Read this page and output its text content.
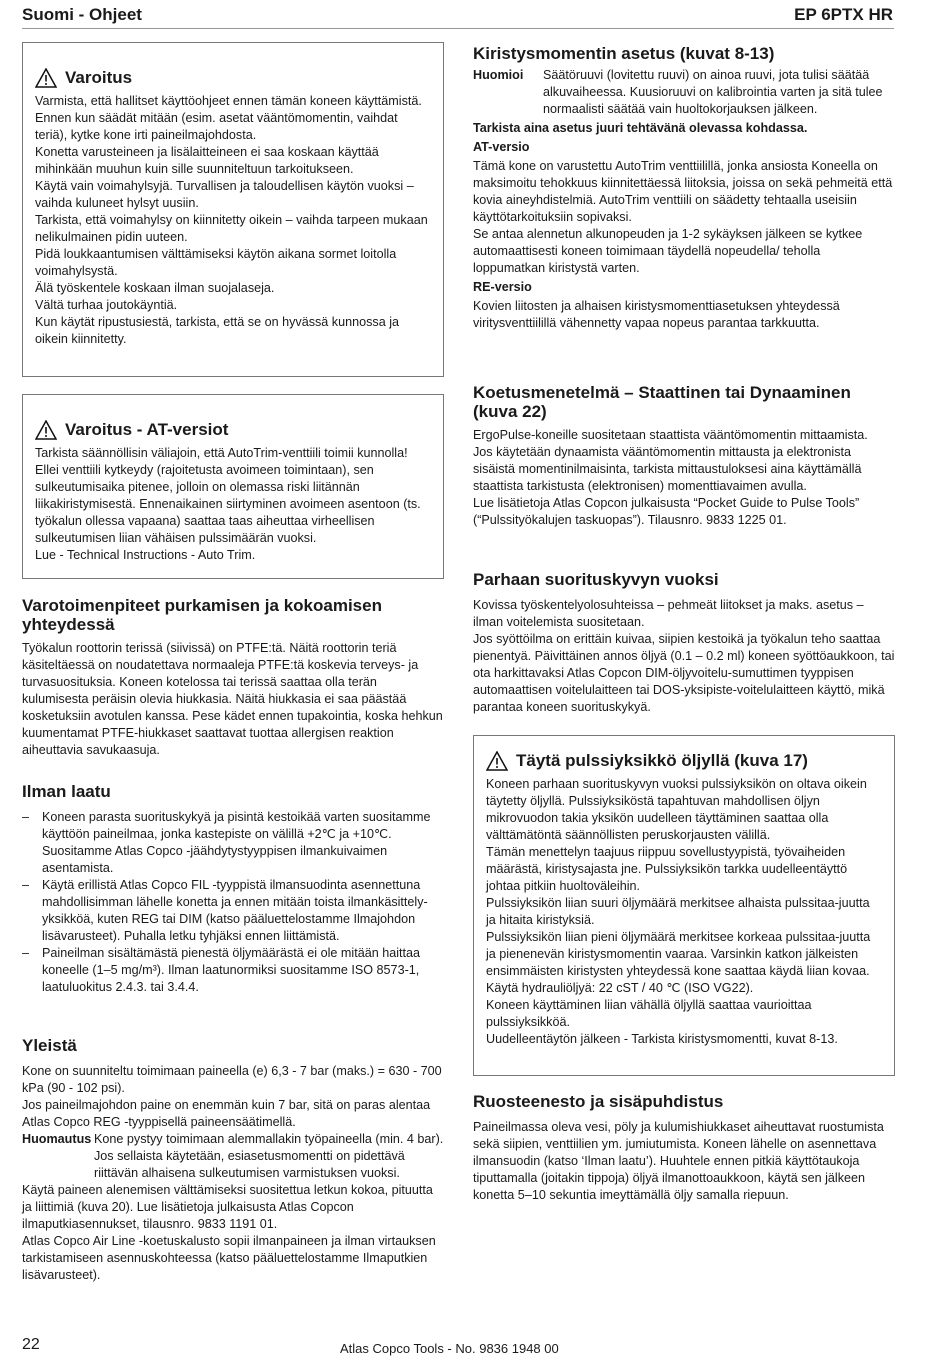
Suomi - Ohjeet	EP 6PTX HR
Varoitus

Varmista, että hallitset käyttöohjeet ennen tämän koneen käyttämistä.

Ennen kun säädät mitään (esim. asetat vääntömomentin, vaihdat teriä), kytke kone irti paineilmajohdosta.

Konetta varusteineen ja lisälaitteineen ei saa koskaan käyttää mihinkään muuhun kuin sille suunniteltuun tarkoitukseen.

Käytä vain voimahylsyjä. Turvallisen ja taloudellisen käytön vuoksi – vaihda kuluneet hylsyt uusiin.

Tarkista, että voimahylsy on kiinnitetty oikein – vaihda tarpeen mukaan nelikulmainen pidin uuteen.

Pidä loukkaantumisen välttämiseksi käytön aikana sormet loitolla voimahylsystä.

Älä työskentele koskaan ilman suojalaseja.

Vältä turhaa joutokäyntiä.

Kun käytät ripustusiestä, tarkista, että se on hyvässä kunnossa ja oikein kiinnitetty.

Varoitus - AT-versiot

Tarkista säännöllisin väliajoin, että AutoTrim-venttiili toimii kunnolla! Ellei venttiili kytkeydy (rajoitetusta avoimeen toimintaan), sen sulkeutumisaika pitenee, jolloin on olemassa riski liitännän liikakiristymisestä. Ennenaikainen siirtyminen avoimeen asentoon (ts. työkalun ollessa vapaana) saattaa taas aiheuttaa virheellisen sulkeutumisen liian vähäisen pulssimäärän vuoksi.

Lue - Technical Instructions - Auto Trim.

Varotoimenpiteet purkamisen ja kokoamisen yhteydessä

Työkalun roottorin terissä (siivissä) on PTFE:tä. Näitä roottorin teriä käsiteltäessä on noudatettava normaaleja PTFE:tä koskevia terveys- ja turvasuosituksia. Koneen kotelossa tai terissä saattaa olla terän kulumisesta peräisin olevia hiukkasia. Näitä hiukkasia ei saa päästää kosketuksiin avotulen kanssa. Pese kädet ennen tupakointia, koska hehkun kuumentamat PTFE-hiukkaset saattavat tuottaa allergisen reaktion aiheuttavia savukaasuja.

Ilman laatu
– Koneen parasta suorituskykyä ja pisintä kestoikää varten suositamme käyttöön paineilmaa, jonka kastepiste on välillä +2℃ ja +10℃. Suositamme Atlas Copco -jäähdytystyyppisen ilmankuivaimen asentamista.
– Käytä erillistä Atlas Copco FIL -tyyppistä ilmansuodinta asennettuna mahdollisimman lähelle konetta ja ennen mitään toista ilmankäsittely-yksikköä, kuten REG tai DIM (katso pääluettelostamme Ilmajohdon lisävarusteet). Puhalla letku tyhjäksi ennen liittämistä.
– Paineilman sisältämästä pienestä öljymäärästä ei ole mitään haittaa koneelle (1–5 mg/m³). Ilman laatunormiksi suositamme ISO 8573-1, laatuluokitus 2.4.3. tai 3.4.4.
Yleistä

Kone on suunniteltu toimimaan paineella (e) 6,3 - 7 bar (maks.) = 630 - 700 kPa (90 - 102 psi).

Jos paineilmajohdon paine on enemmän kuin 7 bar, sitä on paras alentaa Atlas Copco REG -tyyppisellä paineensäätimellä.

Huomautus Kone pystyy toimimaan alemmallakin työpaineella (min. 4 bar). Jos sellaista käytetään, esiasetusmomentti on pidettävä riittävän alhaisena sulkeutumisen varmistuksen vuoksi.

Käytä paineen alenemisen välttämiseksi suositettua letkun kokoa, pituutta ja liittimiä (kuva 20). Lue lisätietoja julkaisusta Atlas Copcon ilmaputkiasennukset, tilausnro. 9833 1191 01.

Atlas Copco Air Line -koetuskalusto sopii ilmanpaineen ja ilman virtauksen tarkistamiseen asennuskohteessa (katso pääluettelostamme Ilmaputkien lisävarusteet).

Kiristysmomentin asetus (kuvat 8-13)
Huomioi	Säätöruuvi (lovitettu ruuvi) on ainoa ruuvi, jota tulisi säätää alkuvaiheessa. Kuusioruuvi on kalibrointia varten ja sitä tulee normaalisti säätää vain huoltokorjauksen jälkeen.
Tarkista aina asetus juuri tehtävänä olevassa kohdassa.
AT-versio

Tämä kone on varustettu AutoTrim venttiilillä, jonka ansiosta Koneella on maksimoitu tehokkuus kiinnitettäessä liitoksia, joissa on sekä pehmeitä että kovia aineyhdistelmiä. AutoTrim venttiili on säädetty tehtaalla useisiin käyttötarkoituksiin sopivaksi.

Se antaa alennetun alkunopeuden ja 1-2 sykäyksen jälkeen se kytkee automaattisesti koneen toimimaan täydellä nopeudella/ teholla loppumatkan kiristystä varten.

RE-versio

Kovien liitosten ja alhaisen kiristysmomenttiasetuksen yhteydessä viritysventtiilillä vähennetty vapaa nopeus parantaa tarkkuutta.

Koetusmenetelmä – Staattinen tai Dynaaminen (kuva 22)

ErgoPulse-koneille suositetaan staattista vääntömomentin mittaamista.

Jos käytetään dynaamista vääntömomentin mittausta ja elektronista sisäistä momentinilmaisinta, tarkista mittaustuloksesi aina käyttämällä staattista tarkistusta (elektronisen) momenttiavaimen avulla.

Lue lisätietoja Atlas Copcon julkaisusta “Pocket Guide to Pulse Tools” (“Pulssityökalujen taskuopas”). Tilausnro. 9833 1225 01.

Parhaan suorituskyvyn vuoksi

Kovissa työskentelyolosuhteissa – pehmeät liitokset ja maks. asetus – ilman voitelemista suositetaan.

Jos syöttöilma on erittäin kuivaa, siipien kestoikä ja työkalun teho saattaa pienentyä. Päivittäinen annos öljyä (0.1 – 0.2 ml) koneen syöttöaukkoon, tai ota harkittavaksi Atlas Copcon DIM-öljyvoitelu-sumuttimen tyyppisen automaattisen voitelulaitteen tai DOS-yksipiste-voitelulaitteen käyttö, mikä parantaa koneen suorituskykyä.

Täytä pulssiyksikkö öljyllä (kuva 17)

Koneen parhaan suorituskyvyn vuoksi pulssiyksikön on oltava oikein täytetty öljyllä. Pulssiyksiköstä tapahtuvan mahdollisen öljyn mikrovuodon takia yksikön uudelleen täyttäminen saattaa olla välttämätöntä säännöllisten peruskorjausten välillä.

Tämän menettelyn taajuus riippuu sovellustyypistä, työvaiheiden määrästä, kiristysajasta jne. Pulssiyksikön tarkka uudelleentäyttö johtaa pitkiin huoltoväleihin.

Pulssiyksikön liian suuri öljymäärä merkitsee alhaista pulssitaa-juutta ja hitaita kiristyksiä.

Pulssiyksikön liian pieni öljymäärä merkitsee korkeaa pulssitaa-juutta ja pienenevän kiristysmomentin vaaraa. Varsinkin katkon jälkeisten ensimmäisten kiristysten yhteydessä kone saattaa käydä liian kovaa.

Käytä hydrauliöljyä: 22 cST / 40 ℃ (ISO VG22).

Koneen käyttäminen liian vähällä öljyllä saattaa vaurioittaa pulssiyksikköä.

Uudelleentäytön jälkeen - Tarkista kiristysmomentti, kuvat 8-13.

Ruosteenesto ja sisäpuhdistus

Paineilmassa oleva vesi, pöly ja kulumishiukkaset aiheuttavat ruostumista sekä siipien, venttiilien ym. jumiutumista. Koneen lähelle on asennettava ilmansuodin (katso ‘Ilman laatu’). Huuhtele ennen pitkiä käyttötaukoja tiputtamalla (joitakin tippoja) öljyä ilmanottoaukkoon, käytä sen jälkeen konetta 5–10 sekuntia imeyttämällä öljy samalla riepuun.

22	Atlas Copco Tools - No. 9836 1948 00
